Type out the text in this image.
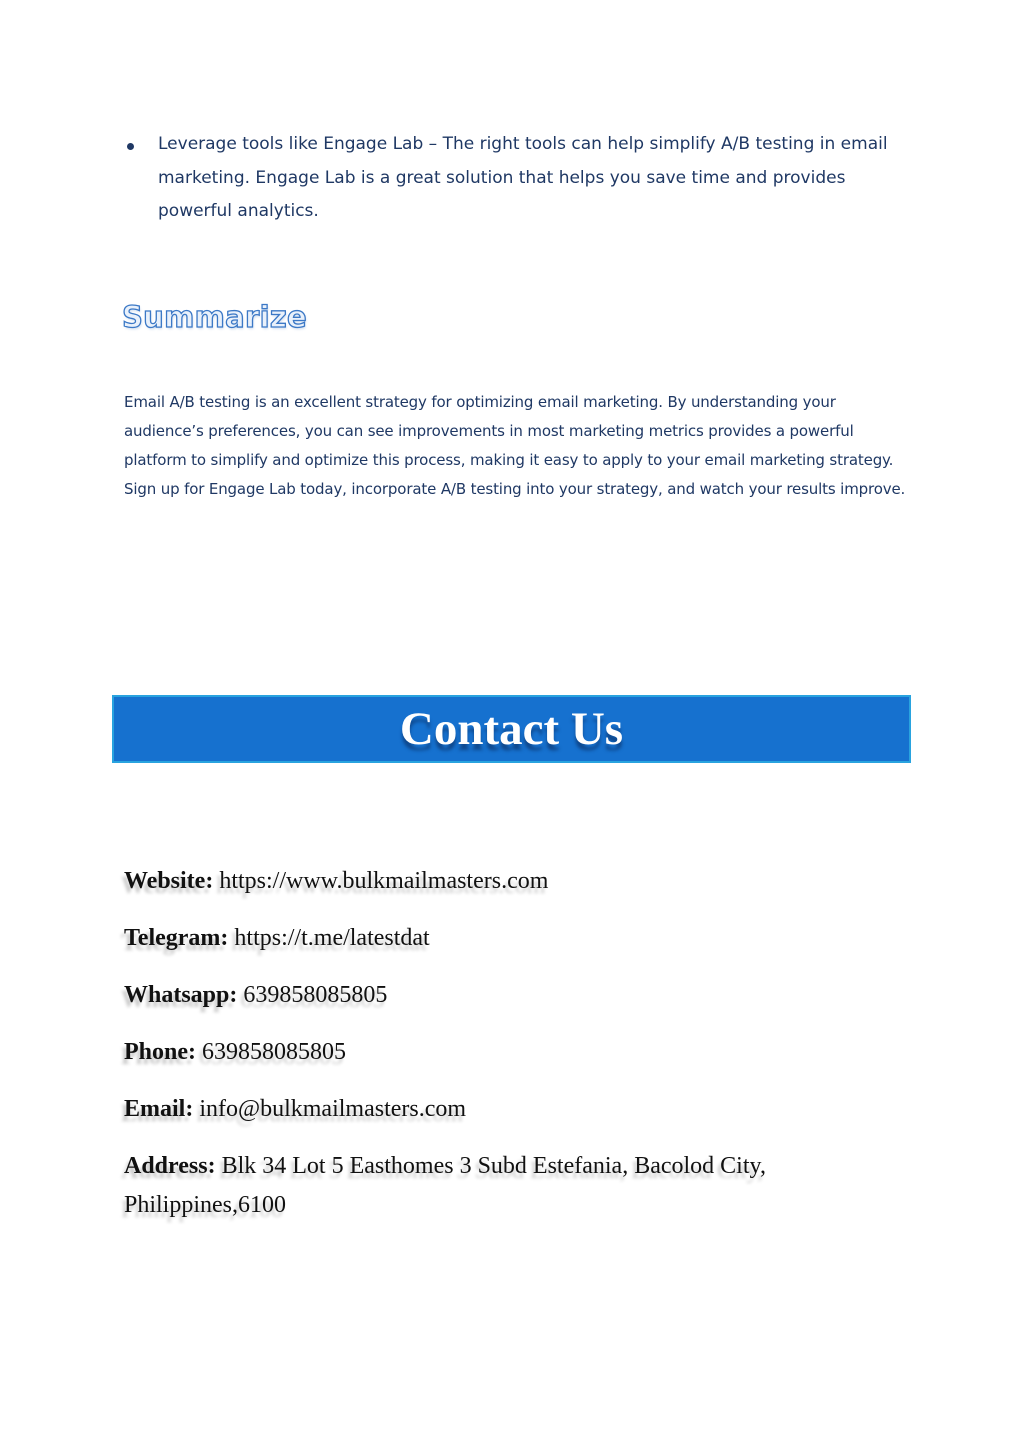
Leverage tools like Engage Lab – The right tools can help simplify A/B testing in email marketing. Engage Lab is a great solution that helps you save time and provides powerful analytics.
Summarize

Email A/B testing is an excellent strategy for optimizing email marketing. By understanding your audience’s preferences, you can see improvements in most marketing metrics provides a powerful platform to simplify and optimize this process, making it easy to apply to your email marketing strategy. Sign up for Engage Lab today, incorporate A/B testing into your strategy, and watch your results improve.

Contact Us
Website: https://www.bulkmailmasters.com
Telegram: https://t.me/latestdat
Whatsapp: 639858085805
Phone: 639858085805
Email: info@bulkmailmasters.com
Address: Blk 34 Lot 5 Easthomes 3 Subd Estefania, Bacolod City, Philippines,6100
